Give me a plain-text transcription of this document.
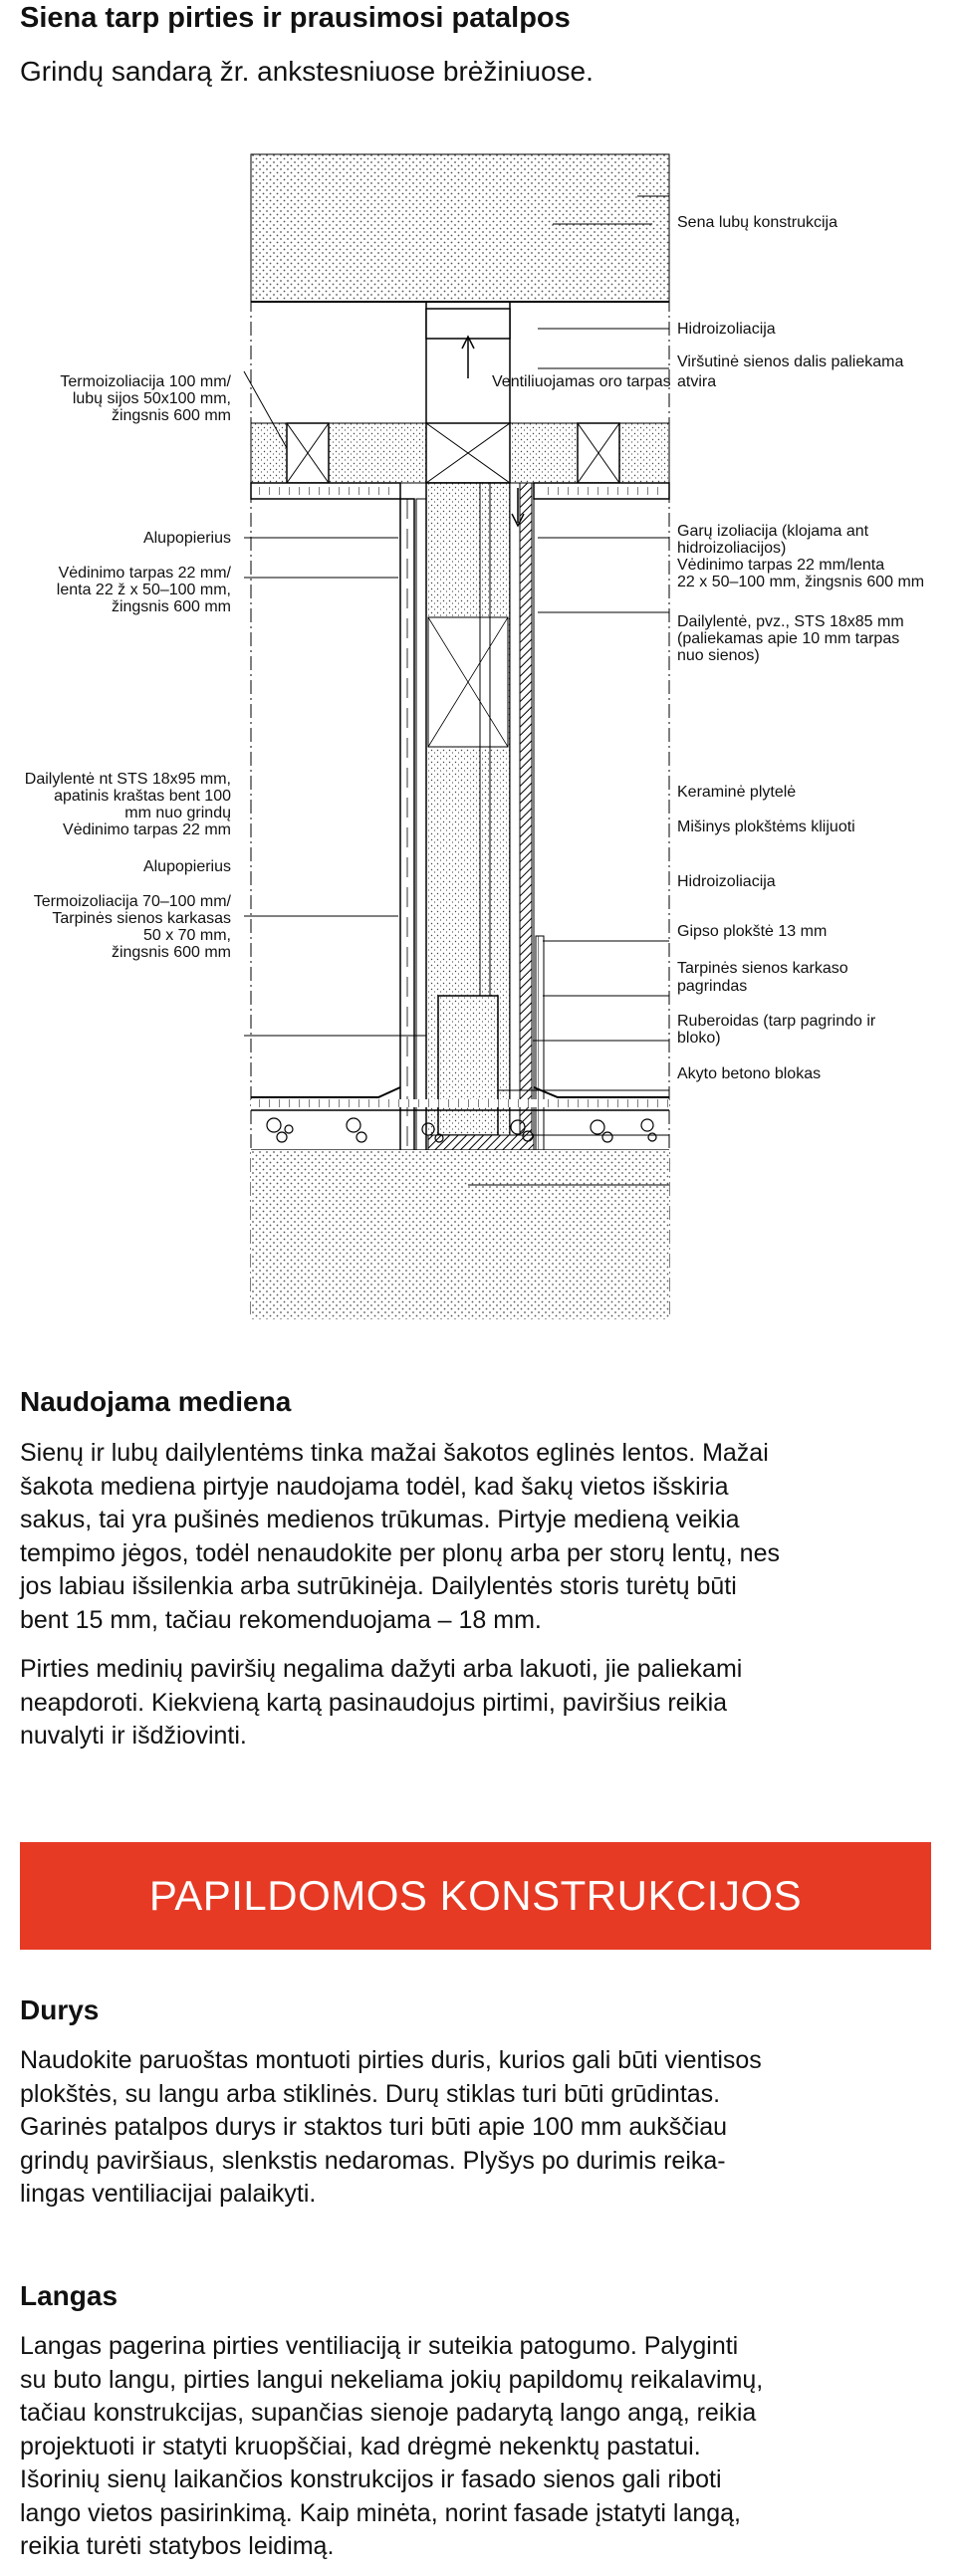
Siena tarp pirties ir prausimosi patalpos

Grindų sandarą žr. ankstesniuose brėžiniuose.

Sena lubų konstrukcija
Hidroizoliacija
Viršutinė sienos dalis paliekama
atvira
Ventiliuojamas oro tarpas
Garų izoliacija (klojama ant
hidroizoliacijos)
Vėdinimo tarpas 22 mm/lenta
22 x 50–100 mm, žingsnis 600 mm
Dailylentė, pvz., STS 18x85 mm
(paliekamas apie 10 mm tarpas
nuo sienos)
Keraminė plytelė
Mišinys plokštėms klijuoti
Hidroizoliacija
Gipso plokštė 13 mm
Tarpinės sienos karkaso
pagrindas
Ruberoidas (tarp pagrindo ir
bloko)
Akyto betono blokas
Termoizoliacija 100 mm/
lubų sijos 50x100 mm,
žingsnis 600 mm
Alupopierius
Vėdinimo tarpas 22 mm/
lenta 22 ž x 50–100 mm,
žingsnis 600 mm
Dailylentė nt STS 18x95 mm,
apatinis kraštas bent 100
mm nuo grindų
Vėdinimo tarpas 22 mm
Alupopierius
Termoizoliacija 70–100 mm/
Tarpinės sienos karkasas
50 x 70 mm,
žingsnis 600 mm
Naudojama mediena

Sienų ir lubų dailylentėms tinka mažai šakotos eglinės lentos. Mažai
šakota mediena pirtyje naudojama todėl, kad šakų vietos išskiria
sakus, tai yra pušinės medienos trūkumas. Pirtyje medieną veikia
tempimo jėgos, todėl nenaudokite per plonų arba per storų lentų, nes
jos labiau išsilenkia arba sutrūkinėja. Dailylentės storis turėtų būti
bent 15 mm, tačiau rekomenduojama – 18 mm.

Pirties medinių paviršių negalima dažyti arba lakuoti, jie paliekami
neapdoroti. Kiekvieną kartą pasinaudojus pirtimi, paviršius reikia
nuvalyti ir išdžiovinti.

PAPILDOMOS KONSTRUKCIJOS
Durys

Naudokite paruoštas montuoti pirties duris, kurios gali būti vientisos
plokštės, su langu arba stiklinės. Durų stiklas turi būti grūdintas.
Garinės patalpos durys ir staktos turi būti apie 100 mm aukščiau
grindų paviršiaus, slenkstis nedaromas. Plyšys po durimis reika-
lingas ventiliacijai palaikyti.

Langas

Langas pagerina pirties ventiliaciją ir suteikia patogumo. Palyginti
su buto langu, pirties langui nekeliama jokių papildomų reikalavimų,
tačiau konstrukcijas, supančias sienoje padarytą lango angą, reikia
projektuoti ir statyti kruopščiai, kad drėgmė nekenktų pastatui.
Išorinių sienų laikančios konstrukcijos ir fasado sienos gali riboti
lango vietos pasirinkimą. Kaip minėta, norint fasade įstatyti langą,
reikia turėti statybos leidimą.
